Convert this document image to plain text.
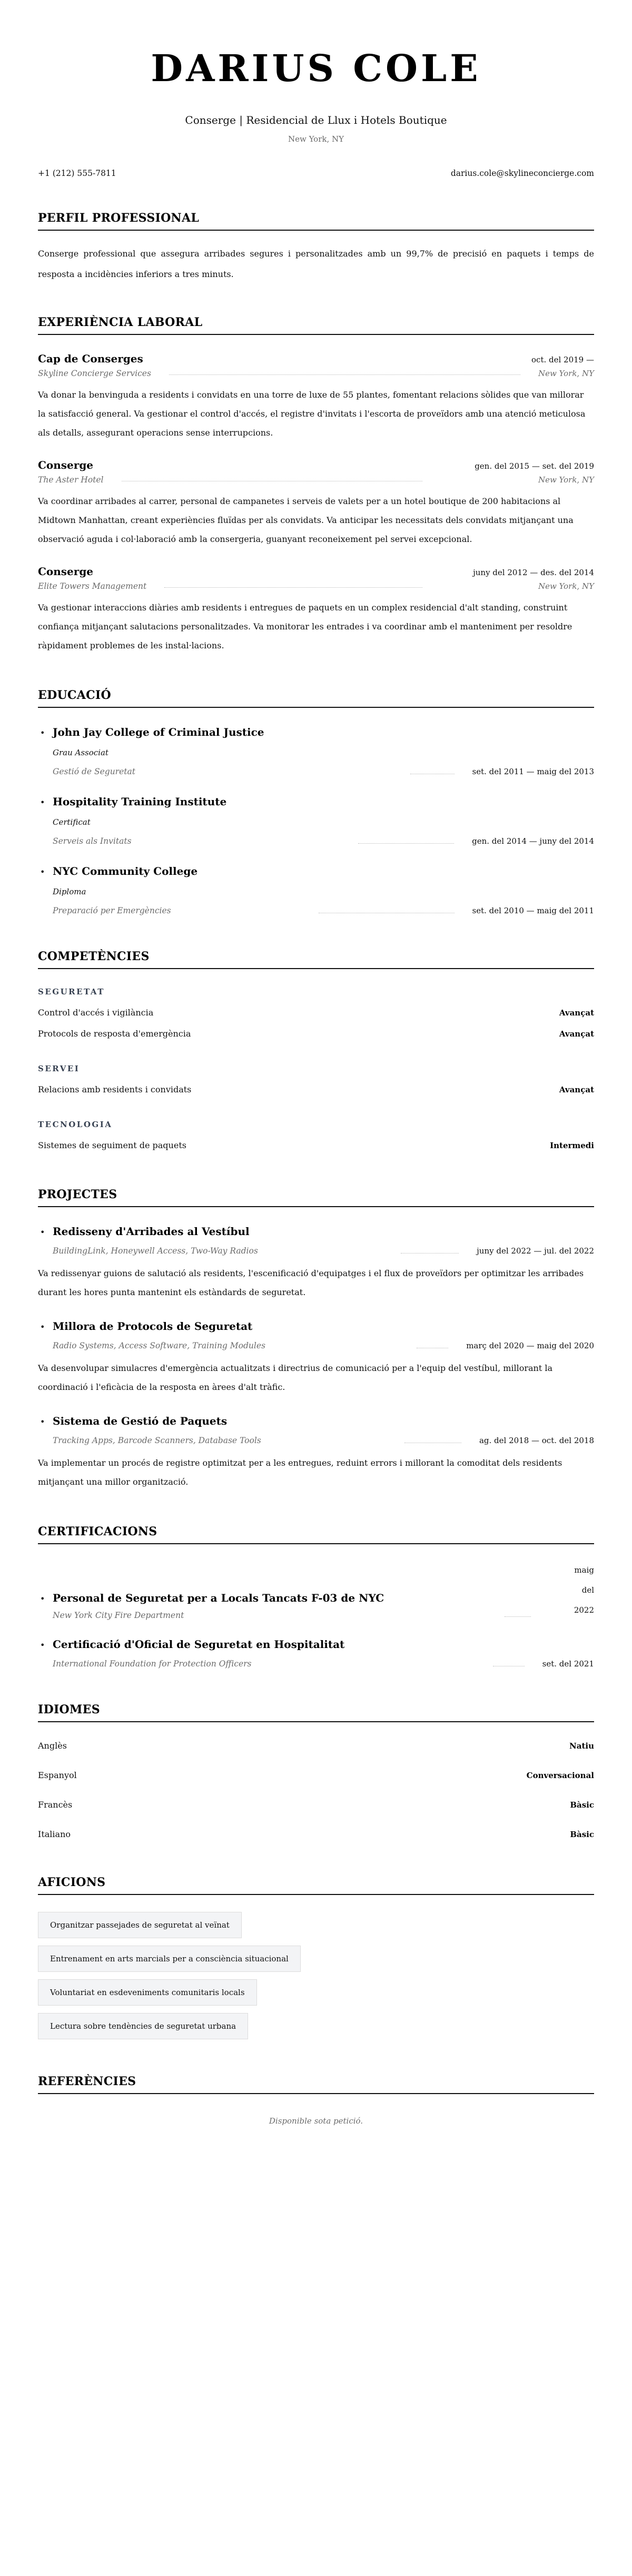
DARIUS COLE
Conserge | Residencial de Llux i Hotels Boutique
New York, NY
+1 (212) 555-7811	darius.cole@skylineconcierge.com
PERFIL PROFESSIONAL

Conserge professional que assegura arribades segures i personalitzades amb un 99,7% de precisió en paquets i temps de resposta a incidències inferiors a tres minuts.

EXPERIÈNCIA LABORAL
Cap de Conserges	oct. del 2019 —
Skyline Concierge Services	New York, NY

Va donar la benvinguda a residents i convidats en una torre de luxe de 55 plantes, fomentant relacions sòlides que van millorar la satisfacció general. Va gestionar el control d'accés, el registre d'invitats i l'escorta de proveïdors amb una atenció meticulosa als detalls, assegurant operacions sense interrupcions.

Conserge	gen. del 2015 — set. del 2019
The Aster Hotel	New York, NY

Va coordinar arribades al carrer, personal de campanetes i serveis de valets per a un hotel boutique de 200 habitacions al Midtown Manhattan, creant experiències fluïdas per als convidats. Va anticipar les necessitats dels convidats mitjançant una observació aguda i col·laboració amb la consergeria, guanyant reconeixement pel servei excepcional.

Conserge	juny del 2012 — des. del 2014
Elite Towers Management	New York, NY

Va gestionar interaccions diàries amb residents i entregues de paquets en un complex residencial d'alt standing, construint confiança mitjançant salutacions personalitzades. Va monitorar les entrades i va coordinar amb el manteniment per resoldre ràpidament problemes de les instal·lacions.

EDUCACIÓ
• John Jay College of Criminal Justice
Grau Associat
Gestió de Seguretat	set. del 2011 — maig del 2013
• Hospitality Training Institute
Certificat
Serveis als Invitats	gen. del 2014 — juny del 2014
• NYC Community College
Diploma
Preparació per Emergències	set. del 2010 — maig del 2011
COMPETÈNCIES
SEGURETAT
Control d'accés i vigilància	Avançat
Protocols de resposta d'emergència	Avançat
SERVEI
Relacions amb residents i convidats	Avançat
TECNOLOGIA
Sistemes de seguiment de paquets	Intermedi
PROJECTES
• Redisseny d'Arribades al Vestíbul
BuildingLink, Honeywell Access, Two-Way Radios	juny del 2022 — jul. del 2022

Va redissenyar guions de salutació als residents, l'escenificació d'equipatges i el flux de proveïdors per optimitzar les arribades durant les hores punta mantenint els estàndards de seguretat.

• Millora de Protocols de Seguretat
Radio Systems, Access Software, Training Modules	març del 2020 — maig del 2020

Va desenvolupar simulacres d'emergència actualitzats i directrius de comunicació per a l'equip del vestíbul, millorant la coordinació i l'eficàcia de la resposta en àrees d'alt tràfic.

• Sistema de Gestió de Paquets
Tracking Apps, Barcode Scanners, Database Tools	ag. del 2018 — oct. del 2018

Va implementar un procés de registre optimitzat per a les entregues, reduint errors i millorant la comoditat dels residents mitjançant una millor organització.

CERTIFICACIONS
• Personal de Seguretat per a Locals Tancats F-03 de NYC
New York City Fire Department
maig del 2022
• Certificació d'Oficial de Seguretat en Hospitalitat
International Foundation for Protection Officers	set. del 2021
IDIOMES
Anglès	Natiu
Espanyol	Conversacional
Francès	Bàsic
Italiano	Bàsic
AFICIONS
Organitzar passejades de seguretat al veïnat
Entrenament en arts marcials per a consciència situacional
Voluntariat en esdeveniments comunitaris locals
Lectura sobre tendències de seguretat urbana
REFERÈNCIES

Disponible sota petició.
